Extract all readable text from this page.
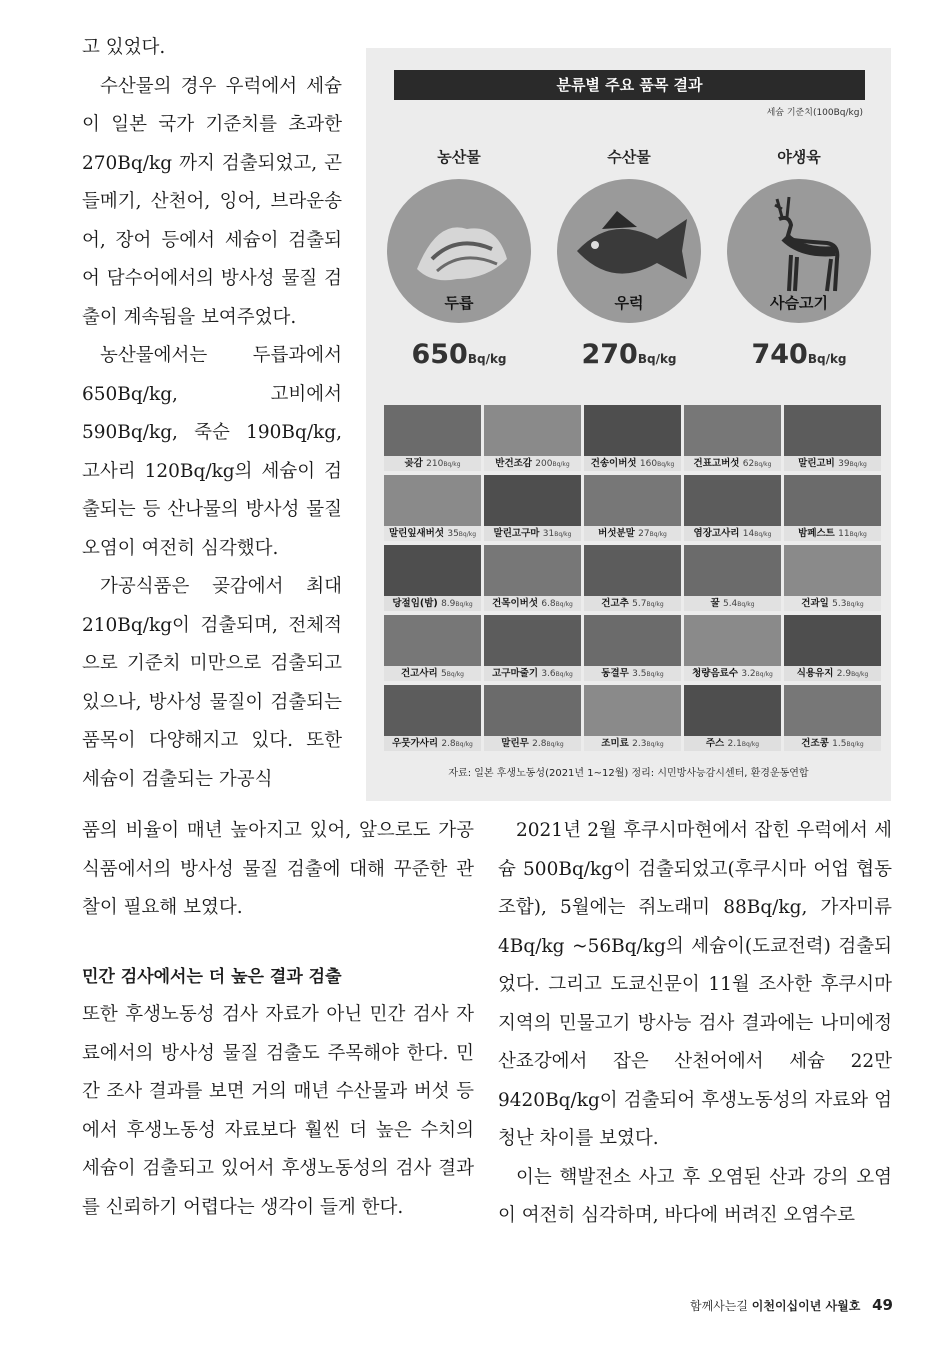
고 있었다.

수산물의 경우 우럭에서 세슘이 일본 국가 기준치를 초과한 270Bq/kg 까지 검출되었고, 곤들메기, 산천어, 잉어, 브라운송어, 장어 등에서 세슘이 검출되어 담수어에서의 방사성 물질 검출이 계속됨을 보여주었다.

농산물에서는 두릅과에서 650Bq/kg, 고비에서 590Bq/kg, 죽순 190Bq/kg, 고사리 120Bq/kg의 세슘이 검출되는 등 산나물의 방사성 물질 오염이 여전히 심각했다.

가공식품은 곶감에서 최대 210Bq/kg이 검출되며, 전체적으로 기준치 미만으로 검출되고 있으나, 방사성 물질이 검출되는 품목이 다양해지고 있다. 또한 세슘이 검출되는 가공식

분류별 주요 품목 결과
세슘 기준치(100Bq/kg)
농산물
두릅
650Bq/kg
수산물
우럭
270Bq/kg
야생육
사슴고기
740Bq/kg
곶감 210Bq/kg	반건조감 200Bq/kg	건송이버섯 160Bq/kg	건표고버섯 62Bq/kg	말린고비 39Bq/kg
말린잎새버섯 35Bq/kg	말린고구마 31Bq/kg	버섯분말 27Bq/kg	염장고사리 14Bq/kg	밤페스트 11Bq/kg
당절임(밤) 8.9Bq/kg	건목이버섯 6.8Bq/kg	건고추 5.7Bq/kg	꿀 5.4Bq/kg	건과일 5.3Bq/kg
건고사리 5Bq/kg	고구마줄기 3.6Bq/kg	동결무 3.5Bq/kg	청량음료수 3.2Bq/kg	식용유지 2.9Bq/kg
우뭇가사리 2.8Bq/kg	말린무 2.8Bq/kg	조미료 2.3Bq/kg	주스 2.1Bq/kg	건조콩 1.5Bq/kg
자료: 일본 후생노동성(2021년 1~12월) 정리: 시민방사능감시센터, 환경운동연합

품의 비율이 매년 높아지고 있어, 앞으로도 가공식품에서의 방사성 물질 검출에 대해 꾸준한 관찰이 필요해 보였다.

민간 검사에서는 더 높은 결과 검출

또한 후생노동성 검사 자료가 아닌 민간 검사 자료에서의 방사성 물질 검출도 주목해야 한다. 민간 조사 결과를 보면 거의 매년 수산물과 버섯 등에서 후생노동성 자료보다 훨씬 더 높은 수치의 세슘이 검출되고 있어서 후생노동성의 검사 결과를 신뢰하기 어렵다는 생각이 들게 한다.

2021년 2월 후쿠시마현에서 잡힌 우럭에서 세슘 500Bq/kg이 검출되었고(후쿠시마 어업 협동조합), 5월에는 쥐노래미 88Bq/kg, 가자미류 4Bq/kg ~56Bq/kg의 세슘이(도쿄전력) 검출되었다. 그리고 도쿄신문이 11월 조사한 후쿠시마 지역의 민물고기 방사능 검사 결과에는 나미에정 산죠강에서 잡은 산천어에서 세슘 22만 9420Bq/kg이 검출되어 후생노동성의 자료와 엄청난 차이를 보였다.

이는 핵발전소 사고 후 오염된 산과 강의 오염이 여전히 심각하며, 바다에 버려진 오염수로

함께사는길 이천이십이년 사월호 49
